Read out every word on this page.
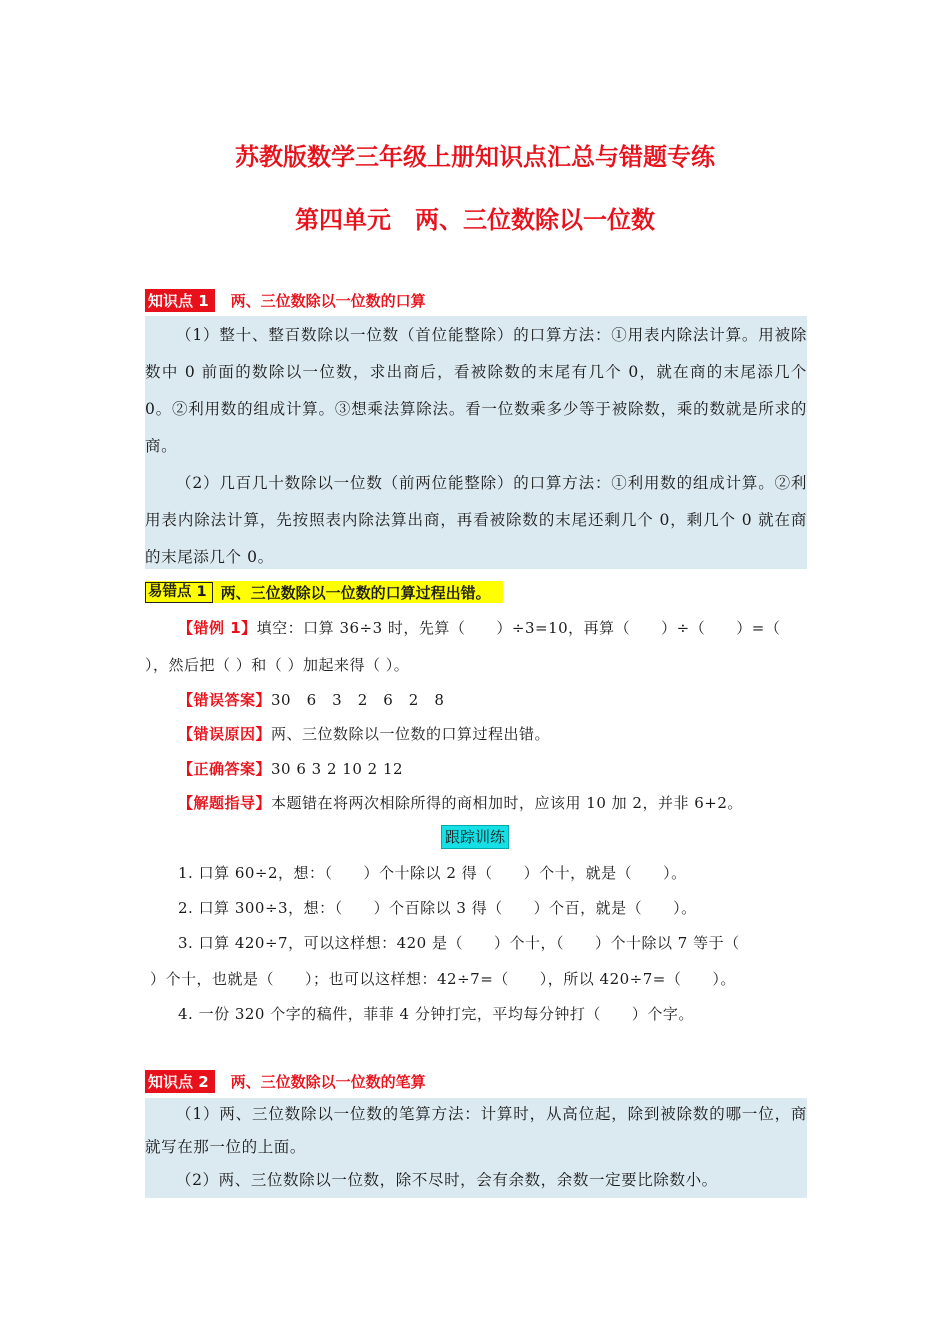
苏教版数学三年级上册知识点汇总与错题专练
第四单元 两、三位数除以一位数
知识点 1	两、三位数除以一位数的口算

（1）整十、整百数除以一位数（首位能整除）的口算方法：①用表内除法计算。用被除数中 0 前面的数除以一位数，求出商后，看被除数的末尾有几个 0，就在商的末尾添几个 0。②利用数的组成计算。③想乘法算除法。看一位数乘多少等于被除数，乘的数就是所求的商。

（2）几百几十数除以一位数（前两位能整除）的口算方法：①利用数的组成计算。②利用表内除法计算，先按照表内除法算出商，再看被除数的末尾还剩几个 0，剩几个 0 就在商的末尾添几个 0。

易错点 1 两、三位数除以一位数的口算过程出错。
【错例 1】填空：口算 36÷3 时，先算（　　）÷3=10，再算（　　）÷（　　）=（
），然后把（ ）和（ ）加起来得（ ）。
【错误答案】30　6　3　2　6　2　8
【错误原因】两、三位数除以一位数的口算过程出错。
【正确答案】30 6 3 2 10 2 12
【解题指导】本题错在将两次相除所得的商相加时，应该用 10 加 2，并非 6+2。
跟踪训练
1. 口算 60÷2，想：（　　）个十除以 2 得（　　）个十，就是（　　）。
2. 口算 300÷3，想：（　　）个百除以 3 得（　　）个百，就是（　　）。
3. 口算 420÷7，可以这样想：420 是（　　）个十，（　　）个十除以 7 等于（
）个十，也就是（　　）；也可以这样想：42÷7=（　　），所以 420÷7=（　　）。
4. 一份 320 个字的稿件，菲菲 4 分钟打完，平均每分钟打（　　）个字。
知识点 2	两、三位数除以一位数的笔算

（1）两、三位数除以一位数的笔算方法：计算时，从高位起，除到被除数的哪一位，商就写在那一位的上面。

（2）两、三位数除以一位数，除不尽时，会有余数，余数一定要比除数小。
